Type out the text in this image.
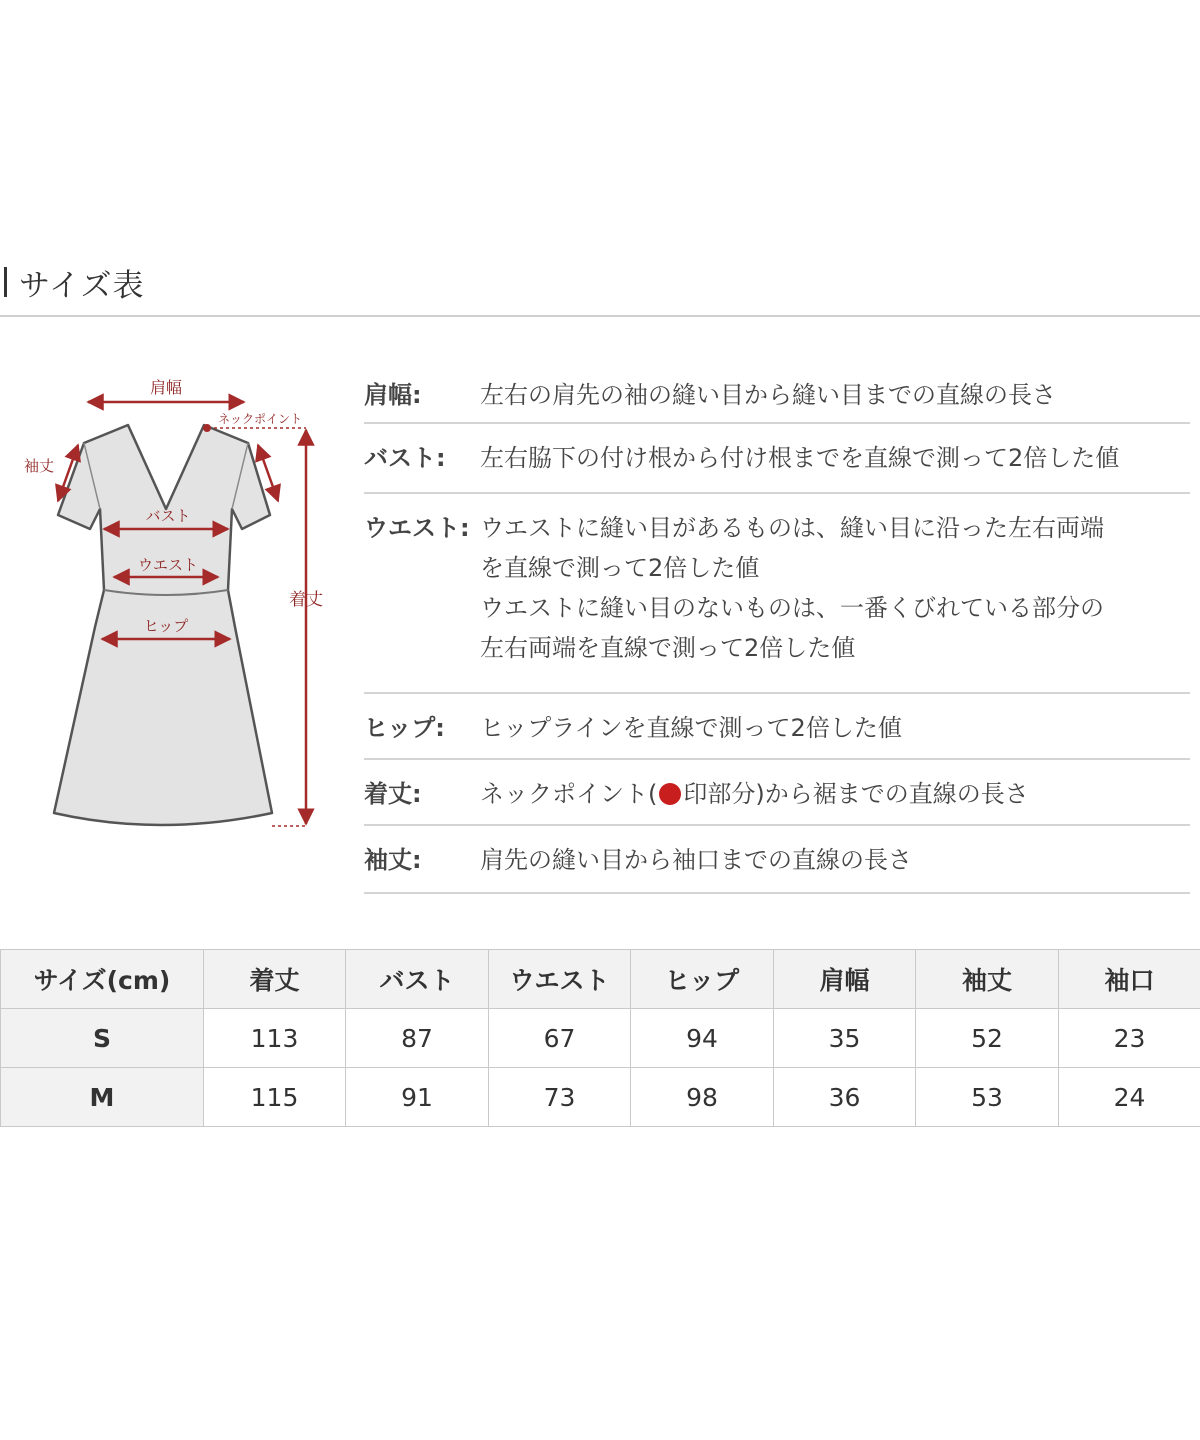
サイズ表
肩幅
ネックポイント
着丈
袖丈
バスト
ウエスト
ヒップ
肩幅:	左右の肩先の袖の縫い目から縫い目までの直線の長さ
バスト:	左右脇下の付け根から付け根までを直線で測って2倍した値
ウエスト: ウエストに縫い目があるものは、縫い目に沿った左右両端
を直線で測って2倍した値
ウエストに縫い目のないものは、一番くびれている部分の
左右両端を直線で測って2倍した値
ヒップ:	ヒップラインを直線で測って2倍した値
着丈:	ネックポイント( 印部分)から裾までの直線の長さ
袖丈:	肩先の縫い目から袖口までの直線の長さ
サイズ(cm)	着丈	バスト	ウエスト	ヒップ	肩幅	袖丈	袖口
S	113	87	67	94	35	52	23
M	115	91	73	98	36	53	24
